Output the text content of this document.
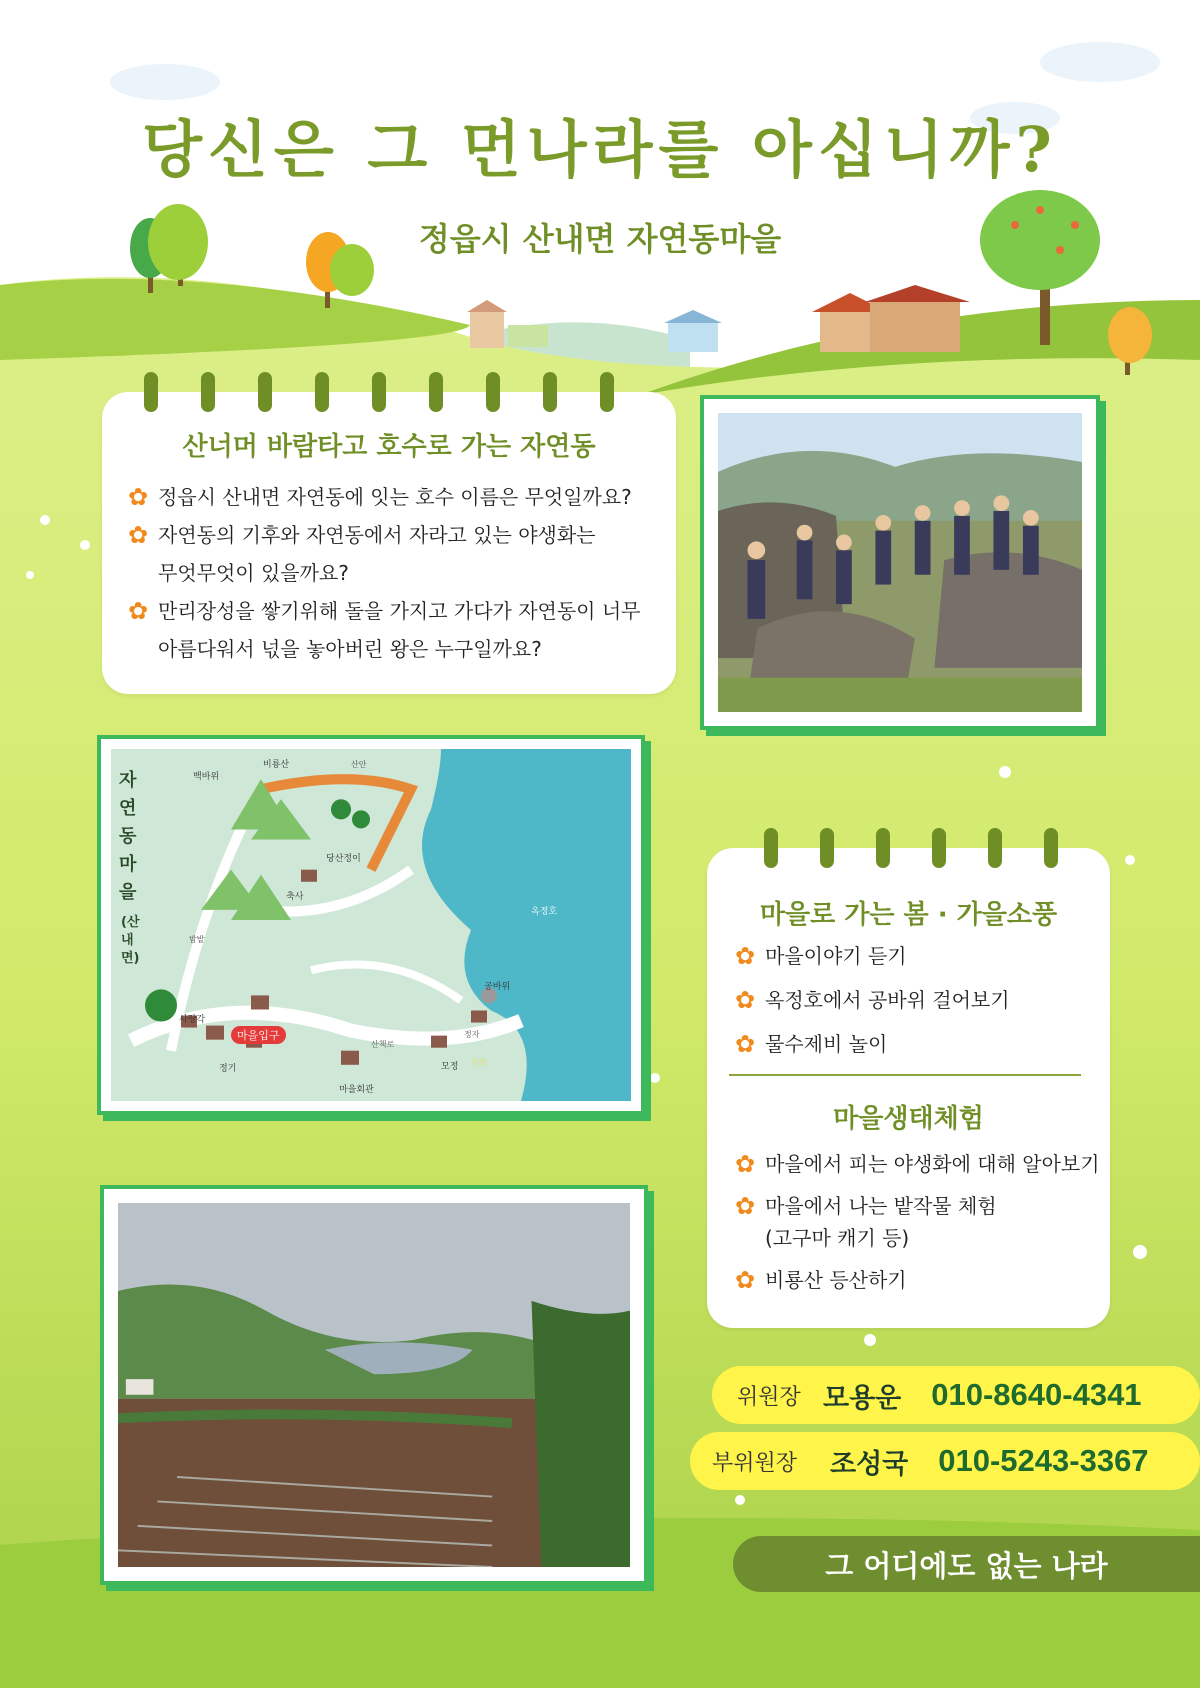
당신은 그 먼나라를 아십니까?
정읍시 산내면 자연동마을
산너머 바람타고 호수로 가는 자연동
✿ 정읍시 산내면 자연동에 잇는 호수 이름은 무엇일까요?
✿ 자연동의 기후와 자연동에서 자라고 있는 야생화는
무엇무엇이 있을까요?
✿ 만리장성을 쌓기위해 돌을 가지고 가다가 자연동이 너무
아름다워서 넋을 놓아버린 왕은 누구일까요?
자연동마을
(산내면)
마을입구
사랑각
정기
마을회관
옥정호
공바위
비룡산
당산정이
모정
축사
산책로
백바위
밤밭
산안
정자
문방
마을로 가는 봄 · 가을소풍
✿ 마을이야기 듣기
✿ 옥정호에서 공바위 걸어보기
✿ 물수제비 놀이
마을생태체험
✿ 마을에서 피는 야생화에 대해 알아보기
✿ 마을에서 나는 밭작물 체험
(고구마 캐기 등)
✿ 비룡산 등산하기
위원장 모용운 010-8640-4341
부위원장	조성국 010-5243-3367
그 어디에도 없는 나라
